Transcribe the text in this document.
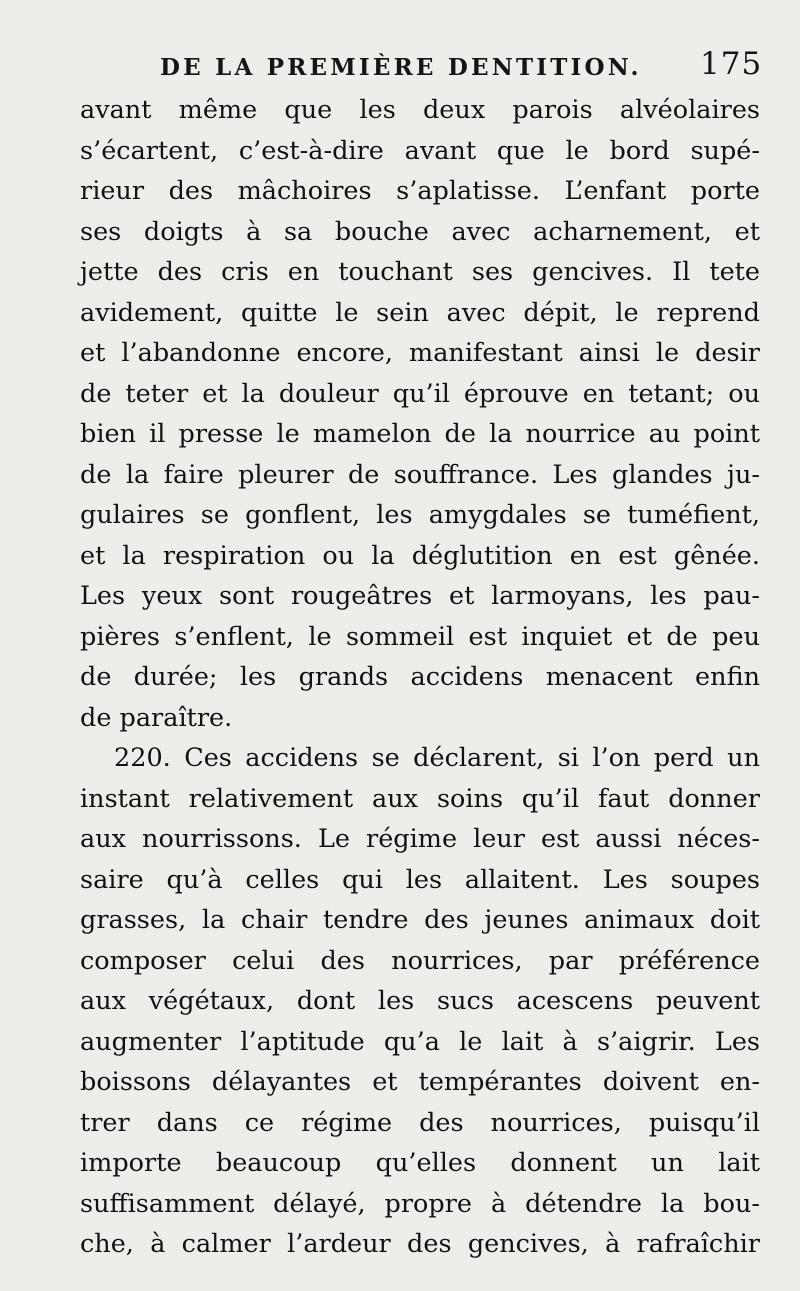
DE LA PREMIÈRE DENTITION. 175
avant même que les deux parois alvéolaires
s’écartent, c’est-à-dire avant que le bord supé-
rieur des mâchoires s’aplatisse. L’enfant porte
ses doigts à sa bouche avec acharnement, et
jette des cris en touchant ses gencives. Il tete
avidement, quitte le sein avec dépit, le reprend
et l’abandonne encore, manifestant ainsi le desir
de teter et la douleur qu’il éprouve en tetant; ou
bien il presse le mamelon de la nourrice au point
de la faire pleurer de souffrance. Les glandes ju-
gulaires se gonflent, les amygdales se tuméfient,
et la respiration ou la déglutition en est gênée.
Les yeux sont rougeâtres et larmoyans, les pau-
pières s’enflent, le sommeil est inquiet et de peu
de durée; les grands accidens menacent enfin
de paraître.
220. Ces accidens se déclarent, si l’on perd un
instant relativement aux soins qu’il faut donner
aux nourrissons. Le régime leur est aussi néces-
saire qu’à celles qui les allaitent. Les soupes
grasses, la chair tendre des jeunes animaux doit
composer celui des nourrices, par préférence
aux végétaux, dont les sucs acescens peuvent
augmenter l’aptitude qu’a le lait à s’aigrir. Les
boissons délayantes et tempérantes doivent en-
trer dans ce régime des nourrices, puisqu’il
importe beaucoup qu’elles donnent un lait
suffisamment délayé, propre à détendre la bou-
che, à calmer l’ardeur des gencives, à rafraîchir
